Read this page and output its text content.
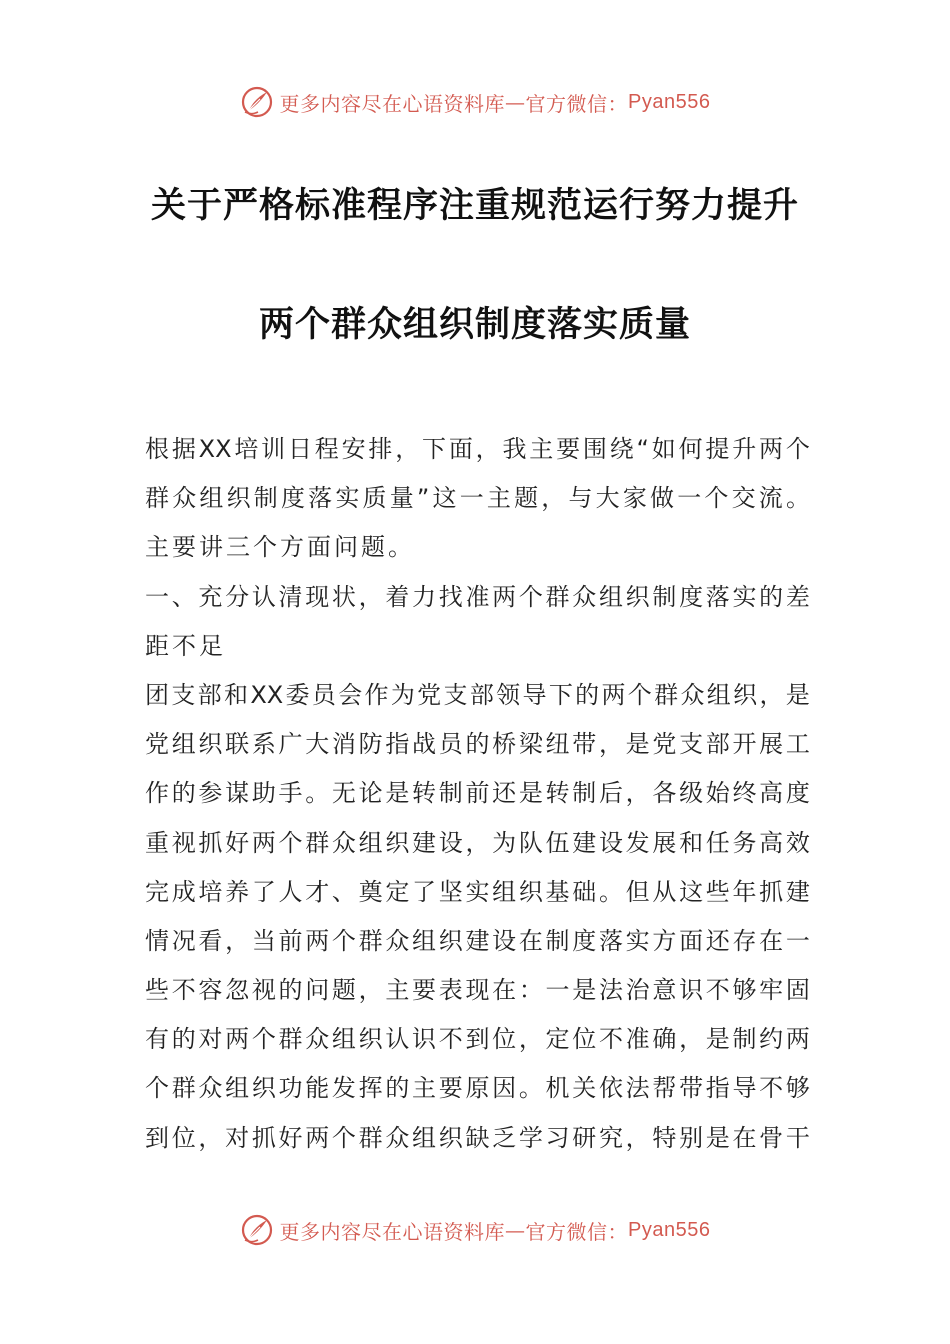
更多内容尽在心语资料库 — 官方微信： Pyan556
关于严格标准程序注重规范运行努力提升
两个群众组织制度落实质量
根 据 XX 培 训 日 程 安 排 ， 下 面 ， 我 主 要 围 绕 “ 如 何 提 升 两 个
群 众 组 织 制 度 落 实 质 量 ” 这 一 主 题 ， 与 大 家 做 一 个 交 流 。
主 要 讲 三 个 方 面 问 题 。
一 、 充 分 认 清 现 状 ， 着 力 找 准 两 个 群 众 组 织 制 度 落 实 的 差
距 不 足
团 支 部 和 XX 委 员 会 作 为 党 支 部 领 导 下 的 两 个 群 众 组 织 ， 是
党 组 织 联 系 广 大 消 防 指 战 员 的 桥 梁 纽 带 ， 是 党 支 部 开 展 工
作 的 参 谋 助 手 。 无 论 是 转 制 前 还 是 转 制 后 ， 各 级 始 终 高 度
重 视 抓 好 两 个 群 众 组 织 建 设 ， 为 队 伍 建 设 发 展 和 任 务 高 效
完 成 培 养 了 人 才 、 奠 定 了 坚 实 组 织 基 础 。 但 从 这 些 年 抓 建
情 况 看 ， 当 前 两 个 群 众 组 织 建 设 在 制 度 落 实 方 面 还 存 在 一
些 不 容 忽 视 的 问 题 ， 主 要 表 现 在 ： 一 是 法 治 意 识 不 够 牢 固
有 的 对 两 个 群 众 组 织 认 识 不 到 位 ， 定 位 不 准 确 ， 是 制 约 两
个 群 众 组 织 功 能 发 挥 的 主 要 原 因 。 机 关 依 法 帮 带 指 导 不 够
到 位 ， 对 抓 好 两 个 群 众 组 织 缺 乏 学 习 研 究 ， 特 别 是 在 骨 干
更多内容尽在心语资料库 — 官方微信： Pyan556
